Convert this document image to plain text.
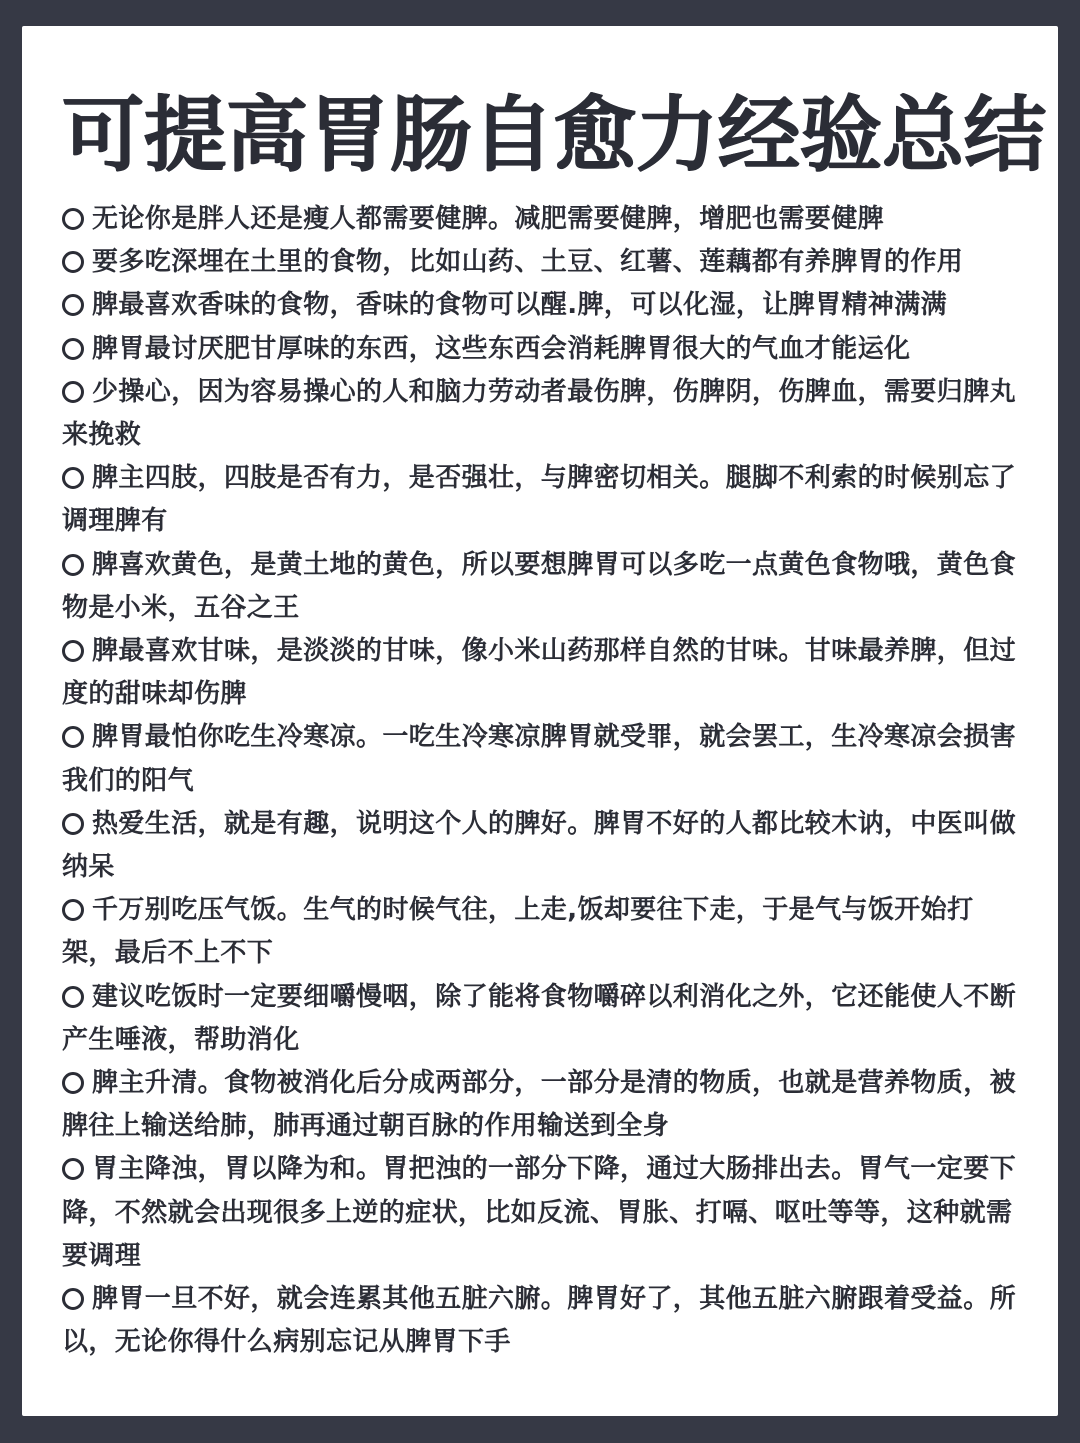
可提高胃肠自愈力经验总结
无论你是胖人还是瘦人都需要健脾。减肥需要健脾，增肥也需要健脾
要多吃深埋在土里的食物，比如山药、土豆、红薯、莲藕都有养脾胃的作用
脾最喜欢香味的食物，香味的食物可以醒.脾，可以化湿，让脾胃精神满满
脾胃最讨厌肥甘厚味的东西，这些东西会消耗脾胃很大的气血才能运化
少操心，因为容易操心的人和脑力劳动者最伤脾，伤脾阴，伤脾血，需要归脾丸来挽救
脾主四肢，四肢是否有力，是否强壮，与脾密切相关。腿脚不利索的时候别忘了调理脾有
脾喜欢黄色，是黄土地的黄色，所以要想脾胃可以多吃一点黄色食物哦，黄色食物是小米，五谷之王
脾最喜欢甘味，是淡淡的甘味，像小米山药那样自然的甘味。甘味最养脾，但过度的甜味却伤脾
脾胃最怕你吃生冷寒凉。一吃生冷寒凉脾胃就受罪，就会罢工，生冷寒凉会损害我们的阳气
热爱生活，就是有趣，说明这个人的脾好。脾胃不好的人都比较木讷，中医叫做纳呆
千万别吃压气饭。生气的时候气往，上走,饭却要往下走，于是气与饭开始打架，最后不上不下
建议吃饭时一定要细嚼慢咽，除了能将食物嚼碎以利消化之外，它还能使人不断产生唾液，帮助消化
脾主升清。食物被消化后分成两部分，一部分是清的物质，也就是营养物质，被脾往上输送给肺，肺再通过朝百脉的作用输送到全身
胃主降浊，胃以降为和。胃把浊的一部分下降，通过大肠排出去。胃气一定要下降，不然就会出现很多上逆的症状，比如反流、胃胀、打嗝、呕吐等等，这种就需要调理
脾胃一旦不好，就会连累其他五脏六腑。脾胃好了，其他五脏六腑跟着受益。所以，无论你得什么病别忘记从脾胃下手
